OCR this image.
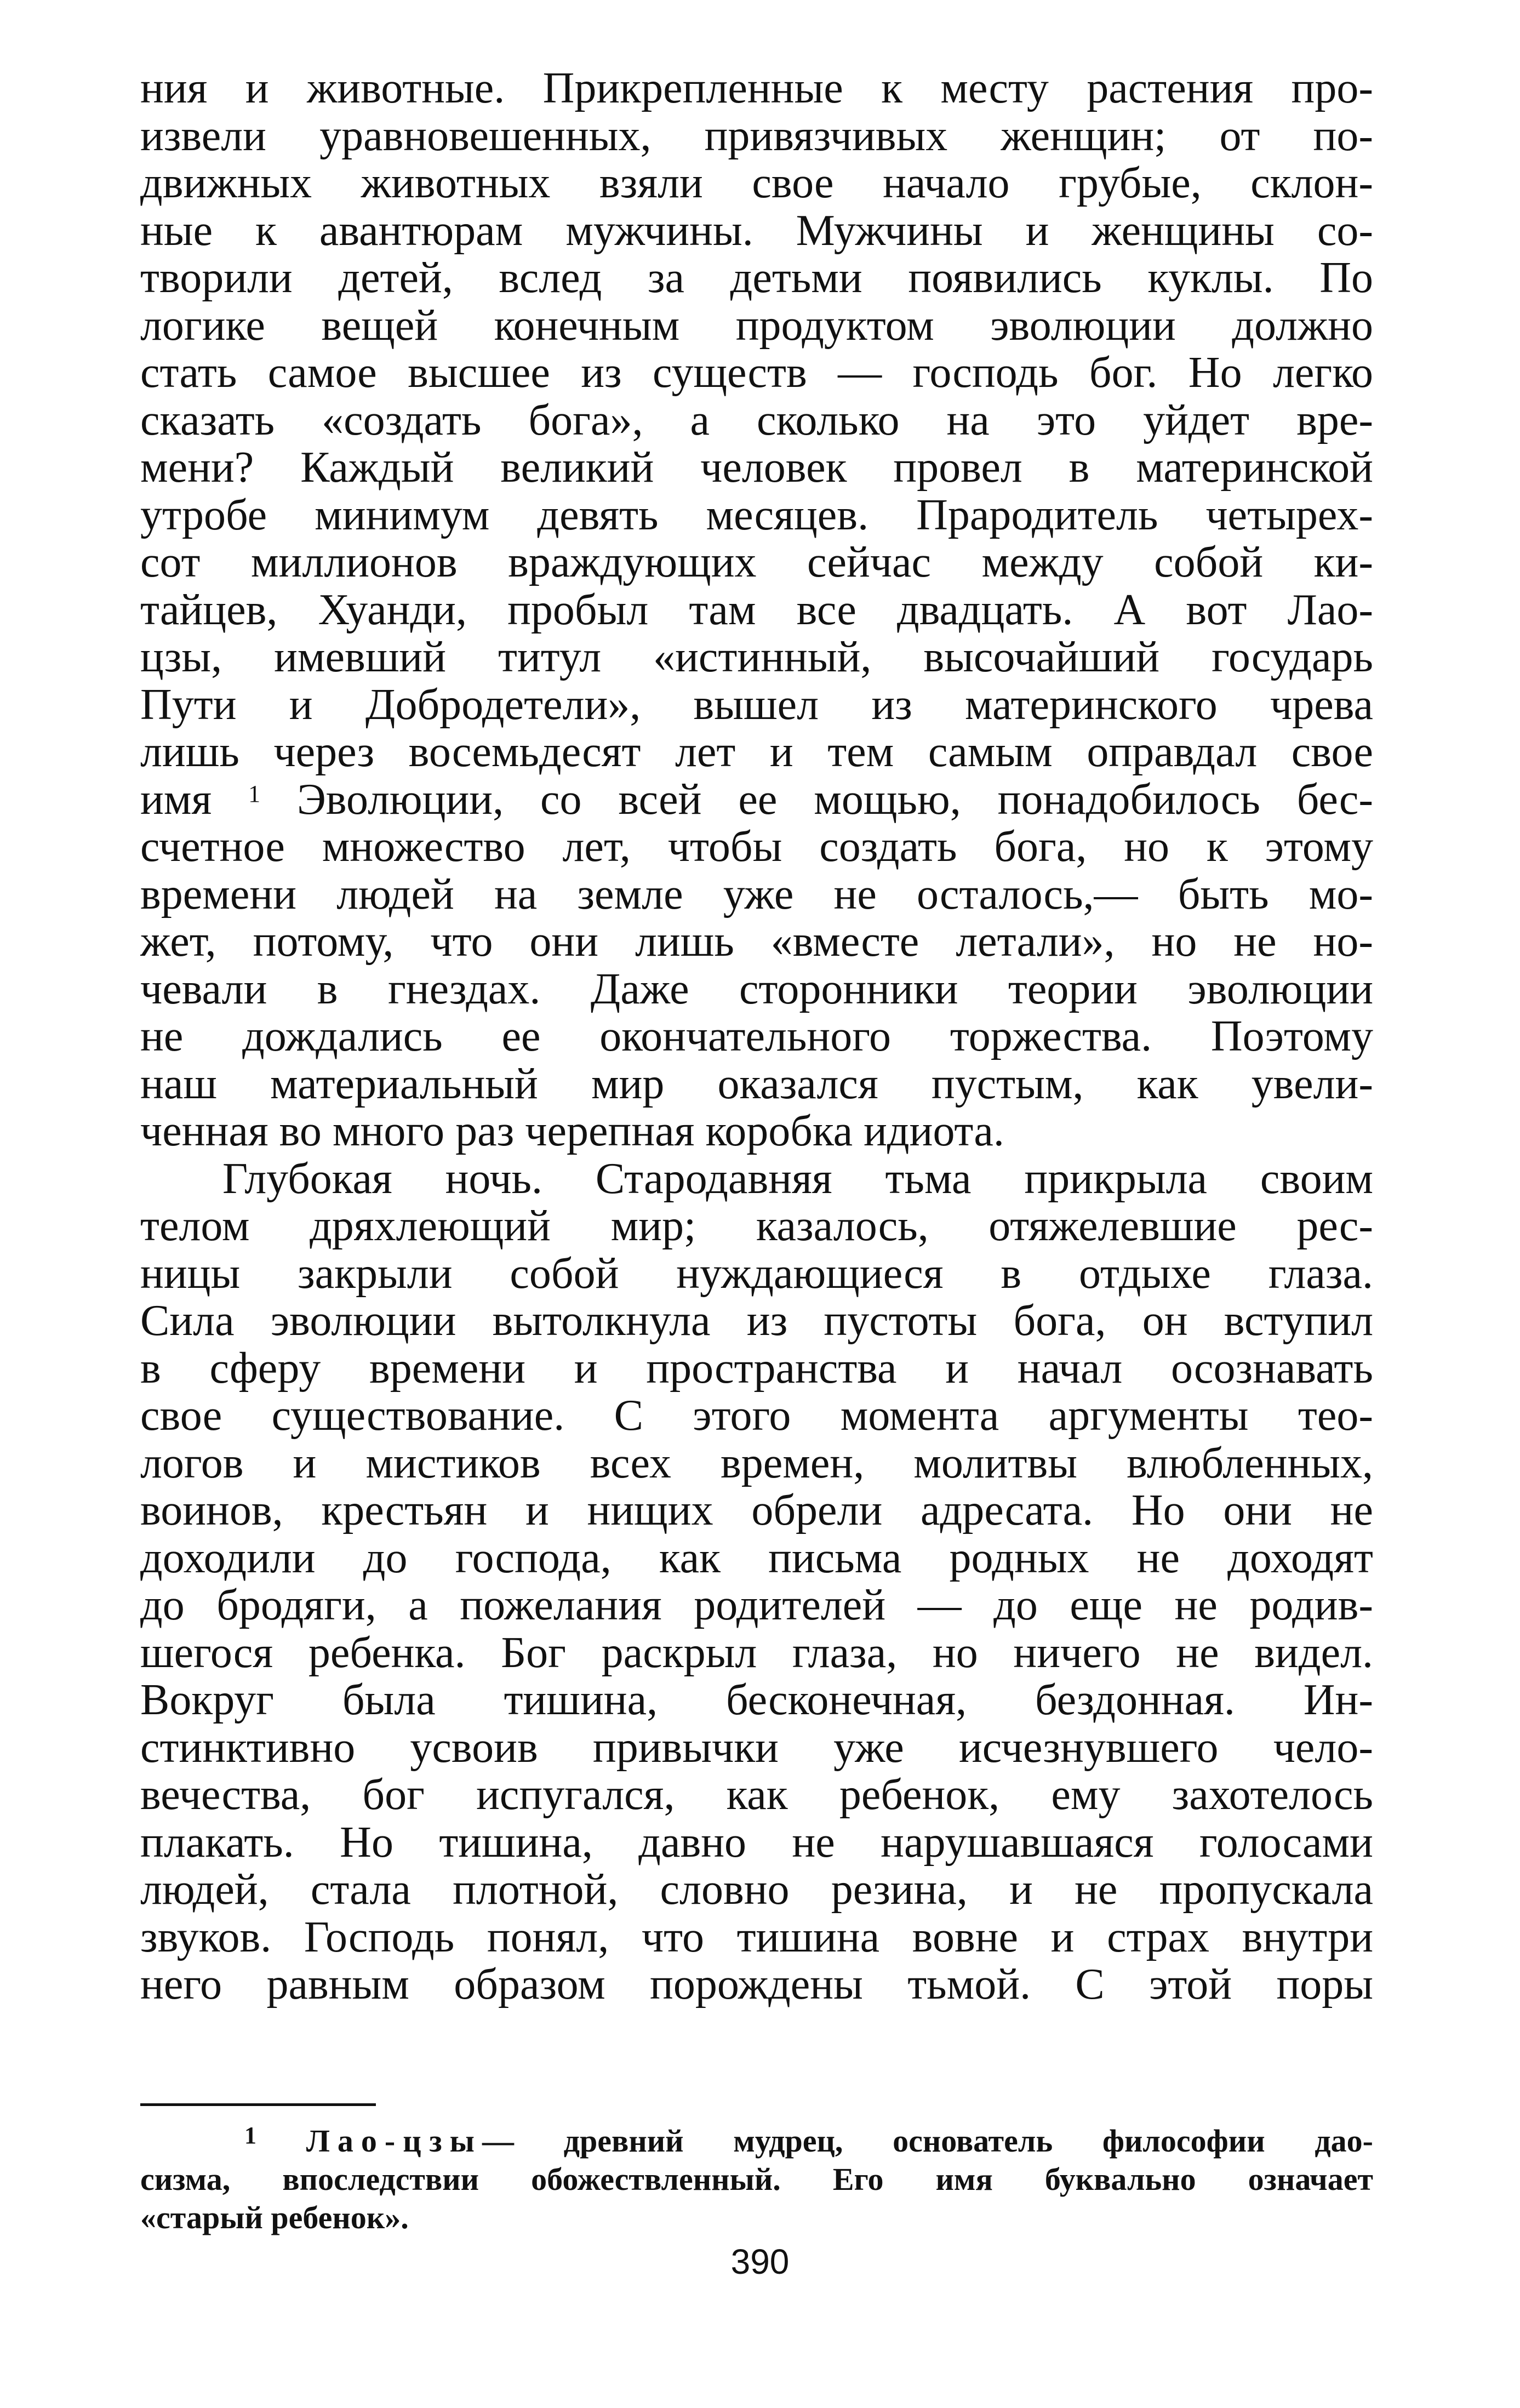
ния и животные. Прикрепленные к месту растения про-
извели уравновешенных, привязчивых женщин; от по-
движных животных взяли свое начало грубые, склон-
ные к авантюрам мужчины. Мужчины и женщины со-
творили детей, вслед за детьми появились куклы. По
логике вещей конечным продуктом эволюции должно
стать самое высшее из существ — господь бог. Но легко
сказать «создать бога», а сколько на это уйдет вре-
мени? Каждый великий человек провел в материнской
утробе минимум девять месяцев. Прародитель четырех-
сот миллионов враждующих сейчас между собой ки-
тайцев, Хуанди, пробыл там все двадцать. А вот Лао-
цзы, имевший титул «истинный, высочайший государь
Пути и Добродетели», вышел из материнского чрева
лишь через восемьдесят лет и тем самым оправдал свое
имя $^1$ Эволюции, со всей ее мощью, понадобилось бес-
счетное множество лет, чтобы создать бога, но к этому
времени людей на земле уже не осталось,— быть мо-
жет, потому, что они лишь «вместе летали», но не но-
чевали в гнездах. Даже сторонники теории эволюции
не дождались ее окончательного торжества. Поэтому
наш материальный мир оказался пустым, как увели-
ченная во много раз черепная коробка идиота.
Глубокая ночь. Стародавняя тьма прикрыла своим
телом дряхлеющий мир; казалось, отяжелевшие рес-
ницы закрыли собой нуждающиеся в отдыхе глаза.
Сила эволюции вытолкнула из пустоты бога, он вступил
в сферу времени и пространства и начал осознавать
свое существование. С этого момента аргументы тео-
логов и мистиков всех времен, молитвы влюбленных,
воинов, крестьян и нищих обрели адресата. Но они не
доходили до господа, как письма родных не доходят
до бродяги, а пожелания родителей — до еще не родив-
шегося ребенка. Бог раскрыл глаза, но ничего не видел.
Вокруг была тишина, бесконечная, бездонная. Ин-
стинктивно усвоив привычки уже исчезнувшего чело-
вечества, бог испугался, как ребенок, ему захотелось
плакать. Но тишина, давно не нарушавшаяся голосами
людей, стала плотной, словно резина, и не пропускала
звуков. Господь понял, что тишина вовне и страх внутри
него равным образом порождены тьмой. С этой поры
$^1$ Лао-цзы— древний мудрец, основатель философии дао-
сизма, впоследствии обожествленный. Его имя буквально означает
«старый ребенок».
390
